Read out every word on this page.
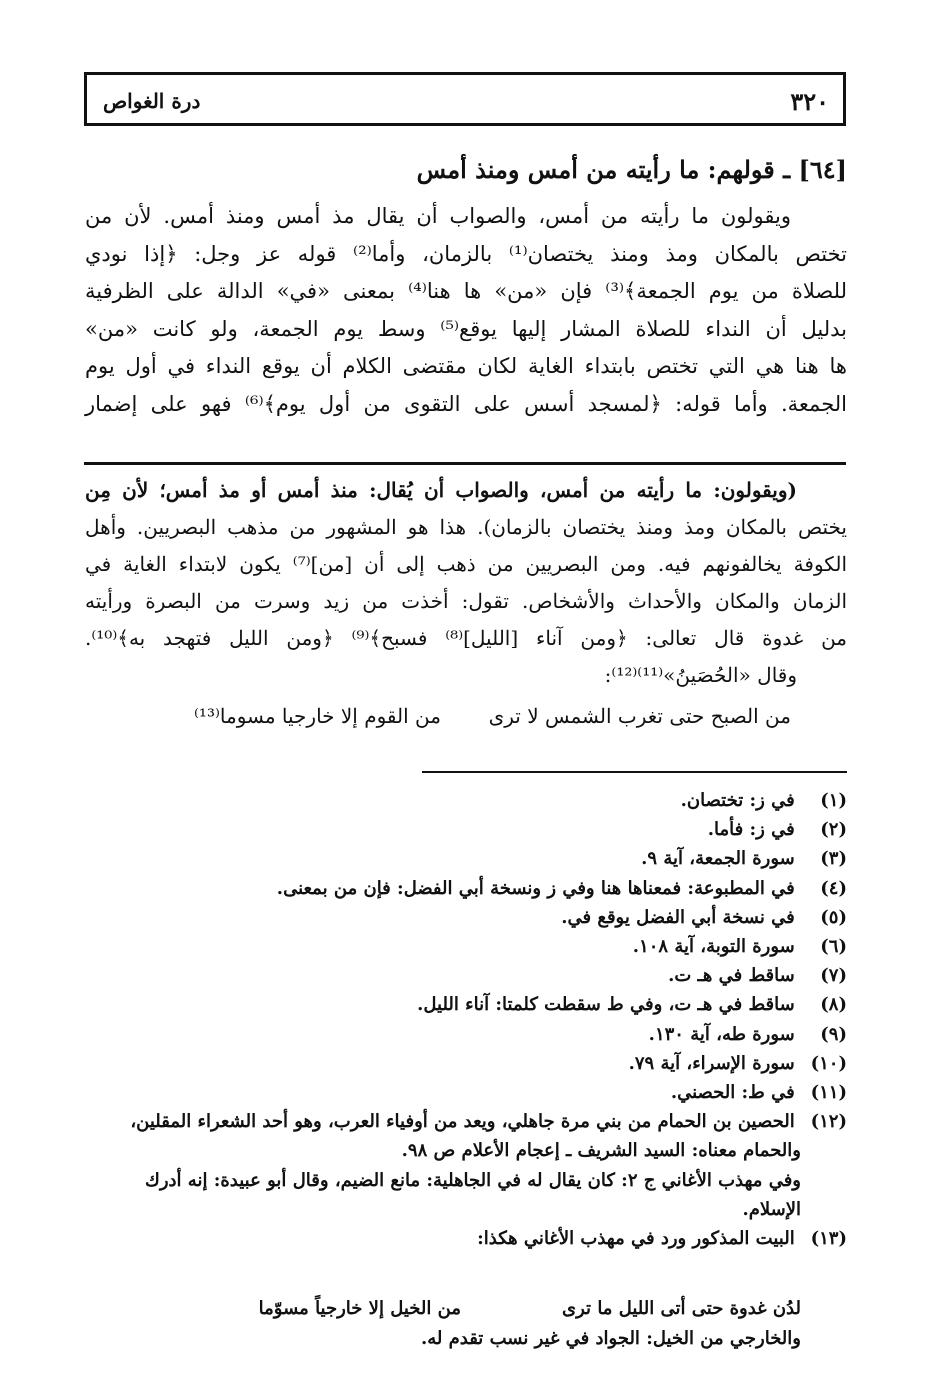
٣٢٠
درة الغواص
[٦٤] ـ قولهم: ما رأيته من أمس ومنذ أمس

ويقولون ما رأيته من أمس، والصواب أن يقال مذ أمس ومنذ أمس. لأن من

تختص بالمكان ومذ ومنذ يختصان⁽¹⁾ بالزمان، وأما⁽²⁾ قوله عز وجل: ﴿إذا نودي

للصلاة من يوم الجمعة﴾⁽³⁾ فإن «من» ها هنا⁽⁴⁾ بمعنى «في» الدالة على الظرفية

بدليل أن النداء للصلاة المشار إليها يوقع⁽⁵⁾ وسط يوم الجمعة، ولو كانت «من»

ها هنا هي التي تختص بابتداء الغاية لكان مقتضى الكلام أن يوقع النداء في أول يوم

الجمعة. وأما قوله: ﴿لمسجد أسس على التقوى من أول يوم﴾⁽⁶⁾ فهو على إضمار

(ويقولون: ما رأيته من أمس، والصواب أن يُقال: منذ أمس أو مذ أمس؛ لأن مِن

يختص بالمكان ومذ ومنذ يختصان بالزمان). هذا هو المشهور من مذهب البصريين. وأهل

الكوفة يخالفونهم فيه. ومن البصريين من ذهب إلى أن [من]⁽⁷⁾ يكون لابتداء الغاية في

الزمان والمكان والأحداث والأشخاص. تقول: أخذت من زيد وسرت من البصرة ورأيته

من غدوة قال تعالى: ﴿ومن آناء [الليل]⁽⁸⁾ فسبح﴾⁽⁹⁾ ﴿ومن الليل فتهجد به﴾⁽¹⁰⁾.

وقال «الحُصَينُ»⁽¹¹⁾⁽¹²⁾:

من الصبح حتى تغرب الشمس لا ترى
من القوم إلا خارجيا مسوما⁽¹³⁾
(١) في ز: تختصان.
(٢) في ز: فأما.
(٣) سورة الجمعة، آية ٩.
(٤) في المطبوعة: فمعناها هنا وفي ز ونسخة أبي الفضل: فإن من بمعنى.
(٥) في نسخة أبي الفضل يوقع في.
(٦) سورة التوبة، آية ١٠٨.
(٧) ساقط في هـ ت.
(٨) ساقط في هـ ت، وفي ط سقطت كلمتا: آناء الليل.
(٩) سورة طه، آية ١٣٠.
(١٠) سورة الإسراء، آية ٧٩.
(١١) في ط: الحصني.
(١٢) الحصين بن الحمام من بني مرة جاهلي، ويعد من أوفياء العرب، وهو أحد الشعراء المقلين،
والحمام معناه: السيد الشريف ـ إعجام الأعلام ص ٩٨.
وفي مهذب الأغاني ج ٢: كان يقال له في الجاهلية: مانع الضيم، وقال أبو عبيدة: إنه أدرك
الإسلام.
(١٣) البيت المذكور ورد في مهذب الأغاني هكذا:
لدُن غدوة حتى أتى الليل ما ترى
من الخيل إلا خارجياً مسوّما
والخارجي من الخيل: الجواد في غير نسب تقدم له.
